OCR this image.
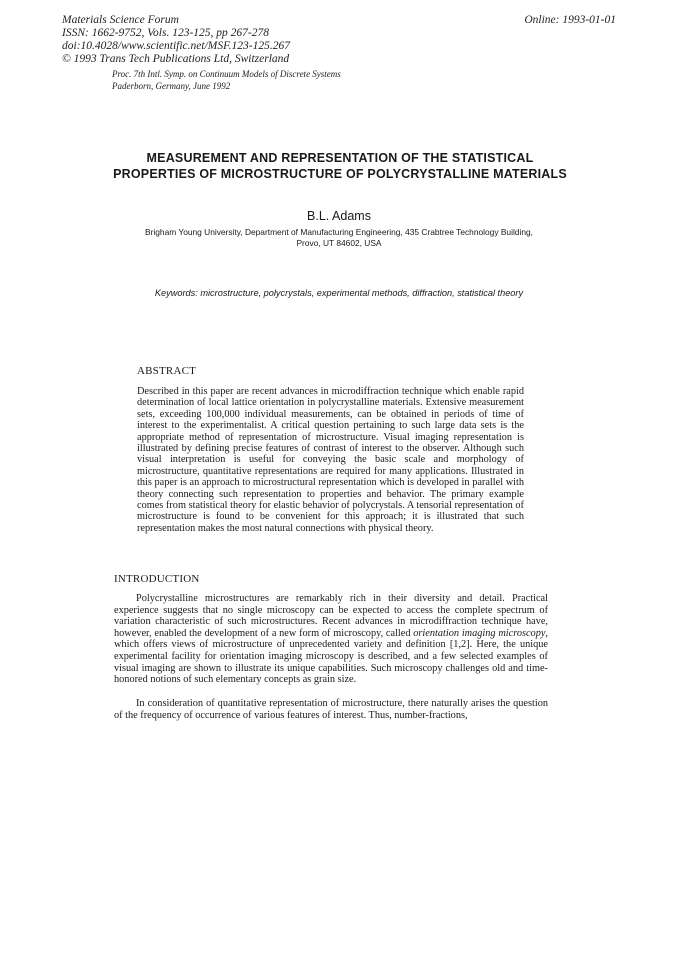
Materials Science Forum
ISSN: 1662-9752, Vols. 123-125, pp 267-278
doi:10.4028/www.scientific.net/MSF.123-125.267
© 1993 Trans Tech Publications Ltd, Switzerland
Online: 1993-01-01
Proc. 7th Intl. Symp. on Continuum Models of Discrete Systems
Paderborn, Germany, June 1992
MEASUREMENT AND REPRESENTATION OF THE STATISTICAL PROPERTIES OF MICROSTRUCTURE OF POLYCRYSTALLINE MATERIALS
B.L. Adams
Brigham Young University, Department of Manufacturing Engineering, 435 Crabtree Technology Building,
Provo, UT 84602, USA
Keywords: microstructure, polycrystals, experimental methods, diffraction, statistical theory
ABSTRACT
Described in this paper are recent advances in microdiffraction technique which enable rapid determination of local lattice orientation in polycrystalline materials. Extensive measurement sets, exceeding 100,000 individual measurements, can be obtained in periods of time of interest to the experimentalist. A critical question pertaining to such large data sets is the appropriate method of representation of microstructure. Visual imaging representation is illustrated by defining precise features of contrast of interest to the observer. Although such visual interpretation is useful for conveying the basic scale and morphology of microstructure, quantitative representations are required for many applications. Illustrated in this paper is an approach to microstructural representation which is developed in parallel with theory connecting such representation to properties and behavior. The primary example comes from statistical theory for elastic behavior of polycrystals. A tensorial representation of microstructure is found to be convenient for this approach; it is illustrated that such representation makes the most natural connections with physical theory.
INTRODUCTION

Polycrystalline microstructures are remarkably rich in their diversity and detail. Practical experience suggests that no single microscopy can be expected to access the complete spectrum of variation characteristic of such microstructures. Recent advances in microdiffraction technique have, however, enabled the development of a new form of microscopy, called orientation imaging microscopy, which offers views of microstructure of unprecedented variety and definition [1,2]. Here, the unique experimental facility for orientation imaging microscopy is described, and a few selected examples of visual imaging are shown to illustrate its unique capabilities. Such microscopy challenges old and time-honored notions of such elementary concepts as grain size.

In consideration of quantitative representation of microstructure, there naturally arises the question of the frequency of occurrence of various features of interest. Thus, number-fractions,
